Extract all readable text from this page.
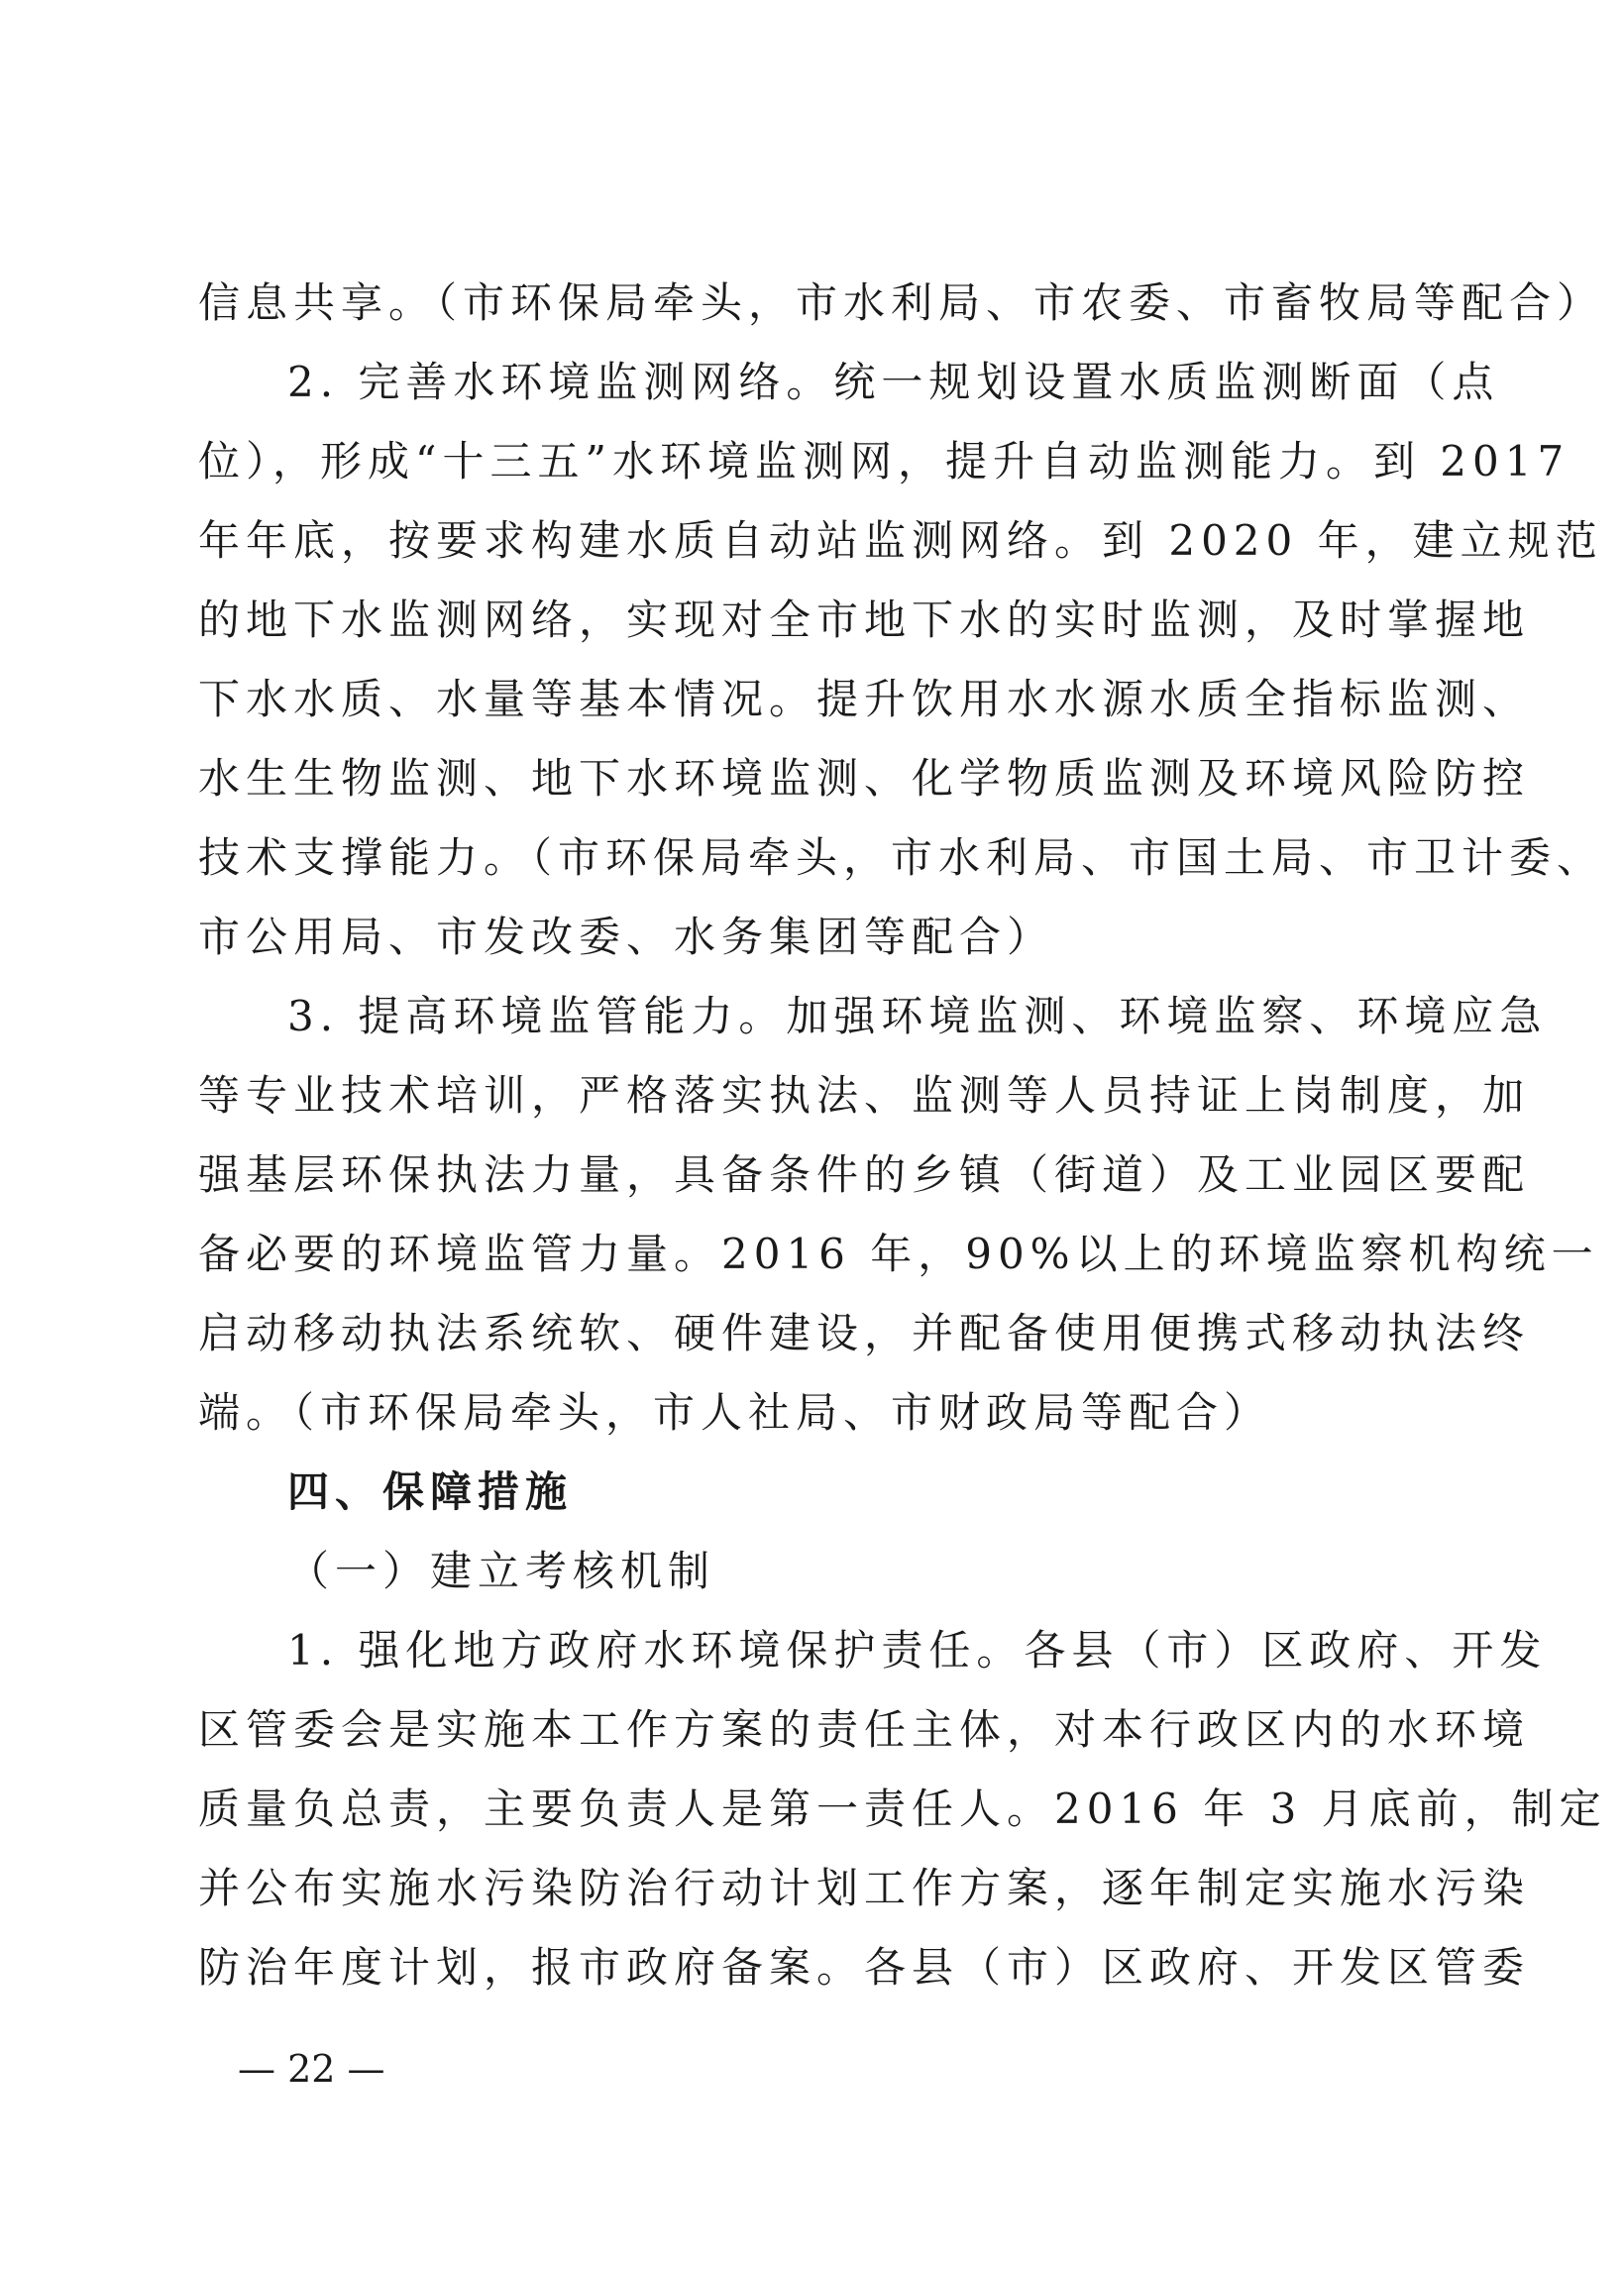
信息共享。（市环保局牵头，市水利局、市农委、市畜牧局等配合）
2. 完善水环境监测网络。统一规划设置水质监测断面（点
位），形成“十三五”水环境监测网，提升自动监测能力。到 2017
年年底，按要求构建水质自动站监测网络。到 2020 年，建立规范
的地下水监测网络，实现对全市地下水的实时监测，及时掌握地
下水水质、水量等基本情况。提升饮用水水源水质全指标监测、
水生生物监测、地下水环境监测、化学物质监测及环境风险防控
技术支撑能力。（市环保局牵头，市水利局、市国土局、市卫计委、
市公用局、市发改委、水务集团等配合）
3. 提高环境监管能力。加强环境监测、环境监察、环境应急
等专业技术培训，严格落实执法、监测等人员持证上岗制度，加
强基层环保执法力量，具备条件的乡镇（街道）及工业园区要配
备必要的环境监管力量。2016 年，90%以上的环境监察机构统一
启动移动执法系统软、硬件建设，并配备使用便携式移动执法终
端。（市环保局牵头，市人社局、市财政局等配合）
四、保障措施
（一）建立考核机制
1. 强化地方政府水环境保护责任。各县（市）区政府、开发
区管委会是实施本工作方案的责任主体，对本行政区内的水环境
质量负总责，主要负责人是第一责任人。2016 年 3 月底前，制定
并公布实施水污染防治行动计划工作方案，逐年制定实施水污染
防治年度计划，报市政府备案。各县（市）区政府、开发区管委
— 22 —
